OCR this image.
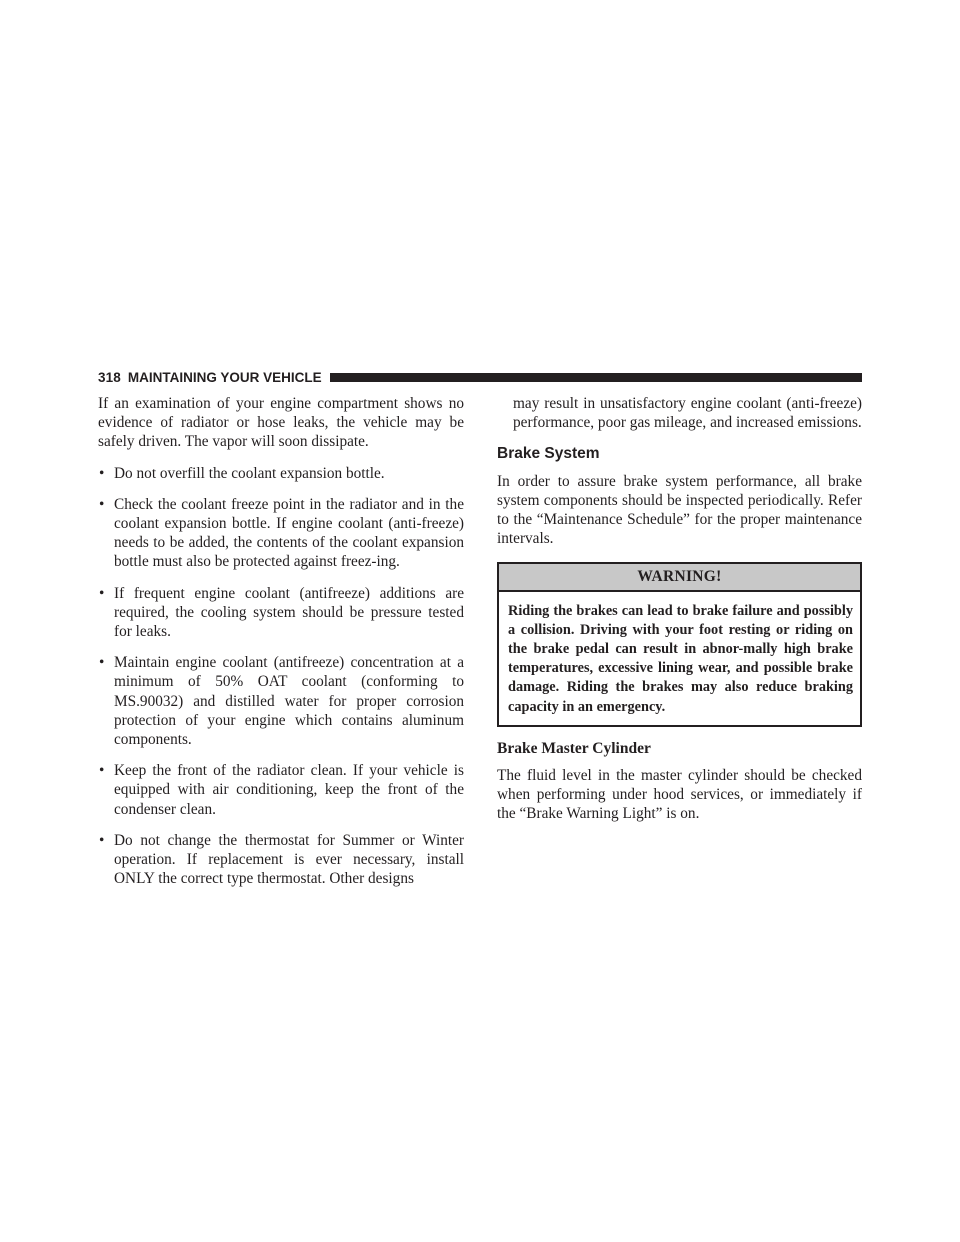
318 MAINTAINING YOUR VEHICLE

If an examination of your engine compartment shows no evidence of radiator or hose leaks, the vehicle may be safely driven. The vapor will soon dissipate.

• Do not overfill the coolant expansion bottle.
• Check the coolant freeze point in the radiator and in the coolant expansion bottle. If engine coolant (anti-freeze) needs to be added, the contents of the coolant expansion bottle must also be protected against freez-ing.
• If frequent engine coolant (antifreeze) additions are required, the cooling system should be pressure tested for leaks.
• Maintain engine coolant (antifreeze) concentration at a minimum of 50% OAT coolant (conforming to MS.90032) and distilled water for proper corrosion protection of your engine which contains aluminum components.
• Keep the front of the radiator clean. If your vehicle is equipped with air conditioning, keep the front of the condenser clean.
• Do not change the thermostat for Summer or Winter operation. If replacement is ever necessary, install ONLY the correct type thermostat. Other designs

may result in unsatisfactory engine coolant (anti-freeze) performance, poor gas mileage, and increased emissions.

Brake System

In order to assure brake system performance, all brake system components should be inspected periodically. Refer to the “Maintenance Schedule” for the proper maintenance intervals.

WARNING!
Riding the brakes can lead to brake failure and possibly a collision. Driving with your foot resting or riding on the brake pedal can result in abnor-mally high brake temperatures, excessive lining wear, and possible brake damage. Riding the brakes may also reduce braking capacity in an emergency.
Brake Master Cylinder

The fluid level in the master cylinder should be checked when performing under hood services, or immediately if the “Brake Warning Light” is on.
